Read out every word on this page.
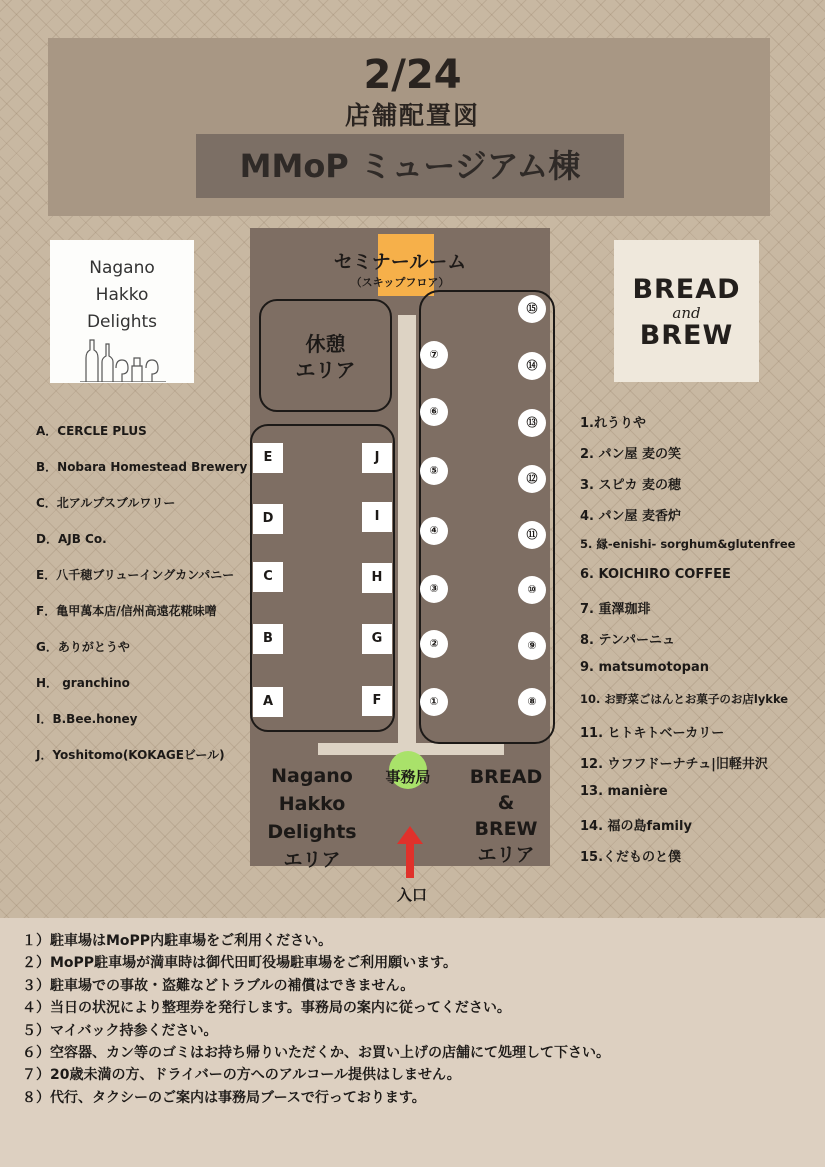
2/24
店舗配置図
MMoP ミュージアム棟
Nagano
Hakko
Delights
BREAD
and
BREW
セミナールーム
（スキップフロア）
休憩
エリア
E
D
C
B
A
J
I
H
G
F
⑦
⑥
⑤
④
③
②
①
⑮
⑭
⑬
⑫
⑪
⑩
⑨
⑧
事務局
Nagano
Hakko
Delights
エリア
BREAD
&
BREW
エリア
入口
A．CERCLE PLUS
B．Nobara Homestead Brewery
C．北アルプスブルワリー
D．AJB Co.
E．八千穂ブリューイングカンパニー
F．亀甲萬本店/信州高遠花糀味噌
G．ありがとうや
H． granchino
I．B.Bee.honey
J．Yoshitomo(KOKAGEビール)
1.れうりや
2. パン屋 麦の笑
3. スピカ 麦の穂
4. パン屋 麦香炉
5. 縁-enishi- sorghum&glutenfree
6. KOICHIRO COFFEE
7. 重澤珈琲
8. テンパーニュ
9. matsumotopan
10. お野菜ごはんとお菓子のお店lykke
11. ヒトキトベーカリー
12. ウフフドーナチュ|旧軽井沢
13. manière
14. 福の島family
15.くだものと僕
１）駐車場はMoPP内駐車場をご利用ください。
２）MoPP駐車場が満車時は御代田町役場駐車場をご利用願います。
３）駐車場での事故・盗難などトラブルの補償はできません。
４）当日の状況により整理券を発行します。事務局の案内に従ってください。
５）マイバック持参ください。
６）空容器、カン等のゴミはお持ち帰りいただくか、お買い上げの店舗にて処理して下さい。
７）20歳未満の方、ドライバーの方へのアルコール提供はしません。
８）代行、タクシーのご案内は事務局ブースで行っております。
